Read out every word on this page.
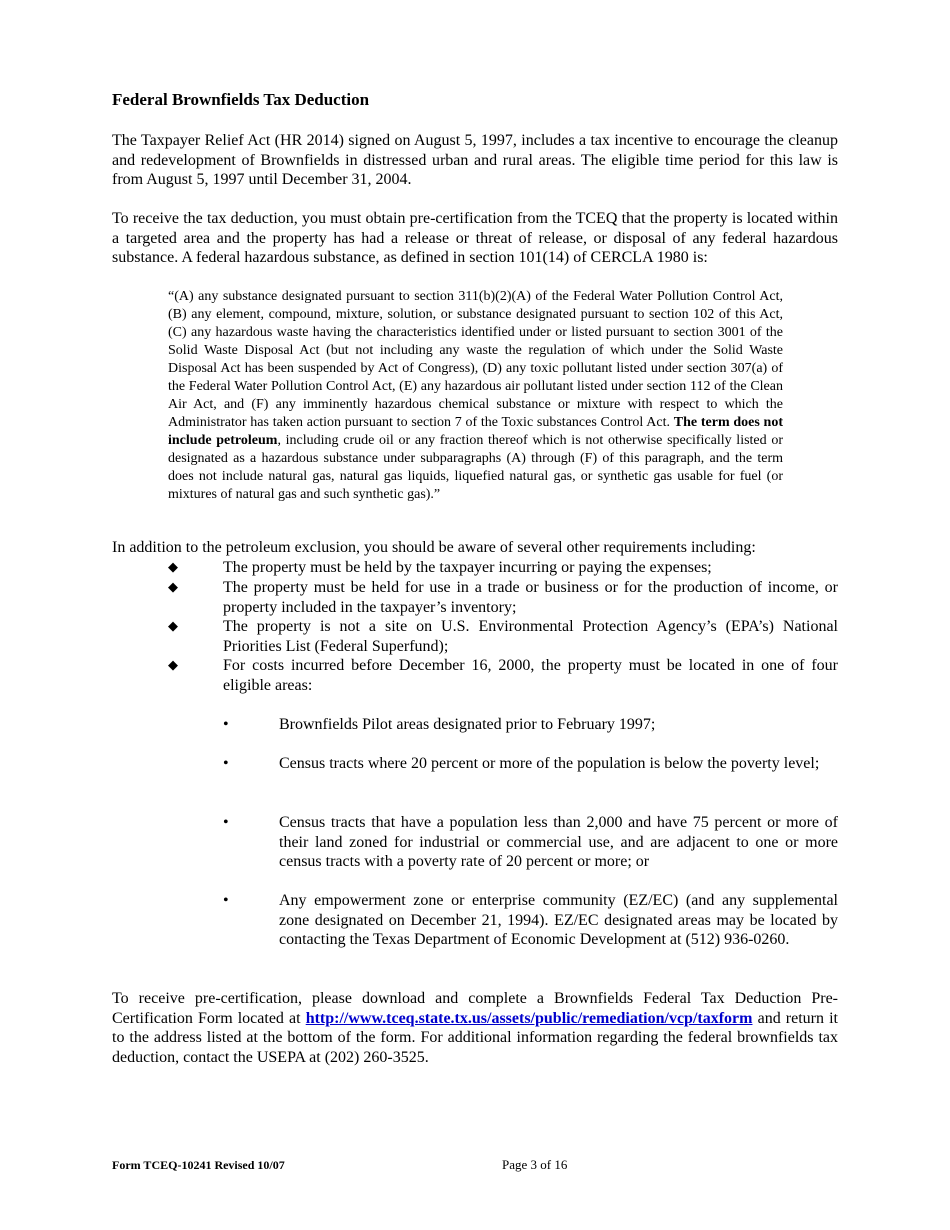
Federal Brownfields Tax Deduction

The Taxpayer Relief Act (HR 2014) signed on August 5, 1997, includes a tax incentive to encourage the cleanup and redevelopment of Brownfields in distressed urban and rural areas. The eligible time period for this law is from August 5, 1997 until December 31, 2004.

To receive the tax deduction, you must obtain pre-certification from the TCEQ that the property is located within a targeted area and the property has had a release or threat of release, or disposal of any federal hazardous substance. A federal hazardous substance, as defined in section 101(14) of CERCLA 1980 is:

“(A) any substance designated pursuant to section 311(b)(2)(A) of the Federal Water Pollution Control Act, (B) any element, compound, mixture, solution, or substance designated pursuant to section 102 of this Act, (C) any hazardous waste having the characteristics identified under or listed pursuant to section 3001 of the Solid Waste Disposal Act (but not including any waste the regulation of which under the Solid Waste Disposal Act has been suspended by Act of Congress), (D) any toxic pollutant listed under section 307(a) of the Federal Water Pollution Control Act, (E) any hazardous air pollutant listed under section 112 of the Clean Air Act, and (F) any imminently hazardous chemical substance or mixture with respect to which the Administrator has taken action pursuant to section 7 of the Toxic substances Control Act. The term does not include petroleum, including crude oil or any fraction thereof which is not otherwise specifically listed or designated as a hazardous substance under subparagraphs (A) through (F) of this paragraph, and the term does not include natural gas, natural gas liquids, liquefied natural gas, or synthetic gas usable for fuel (or mixtures of natural gas and such synthetic gas).”

In addition to the petroleum exclusion, you should be aware of several other requirements including:

◆	The property must be held by the taxpayer incurring or paying the expenses;
◆	The property must be held for use in a trade or business or for the production of income, or property included in the taxpayer’s inventory;
◆	The property is not a site on U.S. Environmental Protection Agency’s (EPA’s) National Priorities List (Federal Superfund);
◆	For costs incurred before December 16, 2000, the property must be located in one of four eligible areas:
•	Brownfields Pilot areas designated prior to February 1997;
•	Census tracts where 20 percent or more of the population is below the poverty level;
•	Census tracts that have a population less than 2,000 and have 75 percent or more of their land zoned for industrial or commercial use, and are adjacent to one or more census tracts with a poverty rate of 20 percent or more; or
•	Any empowerment zone or enterprise community (EZ/EC) (and any supplemental zone designated on December 21, 1994). EZ/EC designated areas may be located by contacting the Texas Department of Economic Development at (512) 936-0260.

To receive pre-certification, please download and complete a Brownfields Federal Tax Deduction Pre-Certification Form located at http://www.tceq.state.tx.us/assets/public/remediation/vcp/taxform and return it to the address listed at the bottom of the form. For additional information regarding the federal brownfields tax deduction, contact the USEPA at (202) 260-3525.

Form TCEQ-10241 Revised 10/07	Page 3 of 16
